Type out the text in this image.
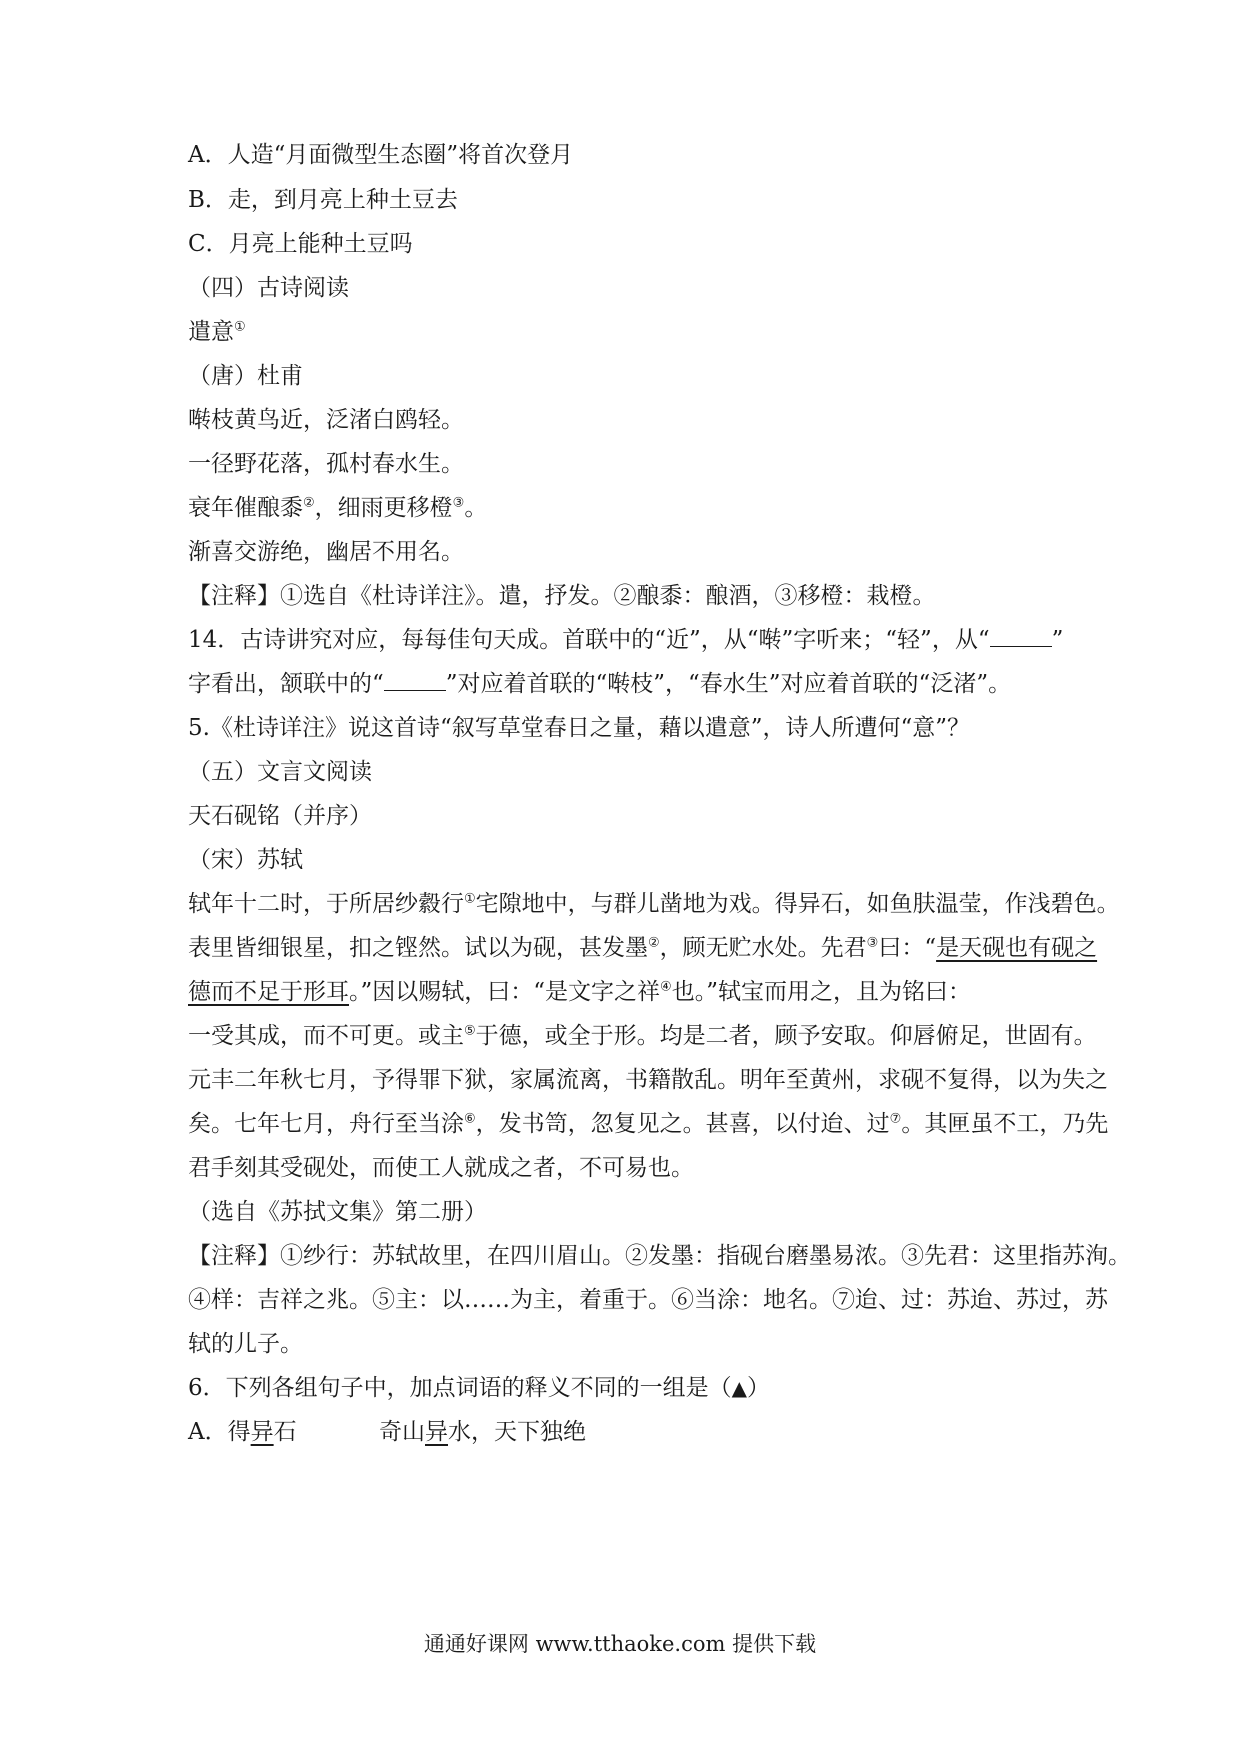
A．人造“月面微型生态圈”将首次登月
B．走，到月亮上种土豆去
C．月亮上能种土豆吗
（四）古诗阅读
遣意①
（唐）杜甫
啭枝黄鸟近，泛渚白鸥轻。
一径野花落，孤村春水生。
衰年催酿黍②，细雨更移橙③。
渐喜交游绝，幽居不用名。
【注释】①选自《杜诗详注》。遣，抒发。②酿黍：酿酒，③移橙：栽橙。
14．古诗讲究对应，每每佳句天成。首联中的“近”，从“啭”字听来；“轻”，从“	”
字看出，颔联中的“	”对应着首联的“啭枝”，“春水生”对应着首联的“泛渚”。
5.《杜诗详注》说这首诗“叙写草堂春日之量，藉以遣意”，诗人所遭何“意”？
（五）文言文阅读
天石砚铭（并序）
（宋）苏轼
轼年十二时，于所居纱縠行①宅隙地中，与群儿凿地为戏。得异石，如鱼肤温莹，作浅碧色。
表里皆细银星，扣之铿然。试以为砚，甚发墨②，顾无贮水处。先君③曰：“是天砚也有砚之
德而不足于形耳。”因以赐轼，曰：“是文字之祥④也。”轼宝而用之，且为铭曰：
一受其成，而不可更。或主⑤于德，或全于形。均是二者，顾予安取。仰唇俯足，世固有。
元丰二年秋七月，予得罪下狱，家属流离，书籍散乱。明年至黄州，求砚不复得，以为失之
矣。七年七月，舟行至当涂⑥，发书笥，忽复见之。甚喜，以付迨、过⑦。其匣虽不工，乃先
君手刻其受砚处，而使工人就成之者，不可易也。
（选自《苏拭文集》第二册）
【注释】①纱行：苏轼故里，在四川眉山。②发墨：指砚台磨墨易浓。③先君：这里指苏洵。
④样：吉祥之兆。⑤主：以……为主，着重于。⑥当涂：地名。⑦迨、过：苏迨、苏过，苏
轼的儿子。
6．下列各组句子中，加点词语的释义不同的一组是（▲）
A．得异石	奇山异水，天下独绝
通通好课网 www.tthaoke.com 提供下载
